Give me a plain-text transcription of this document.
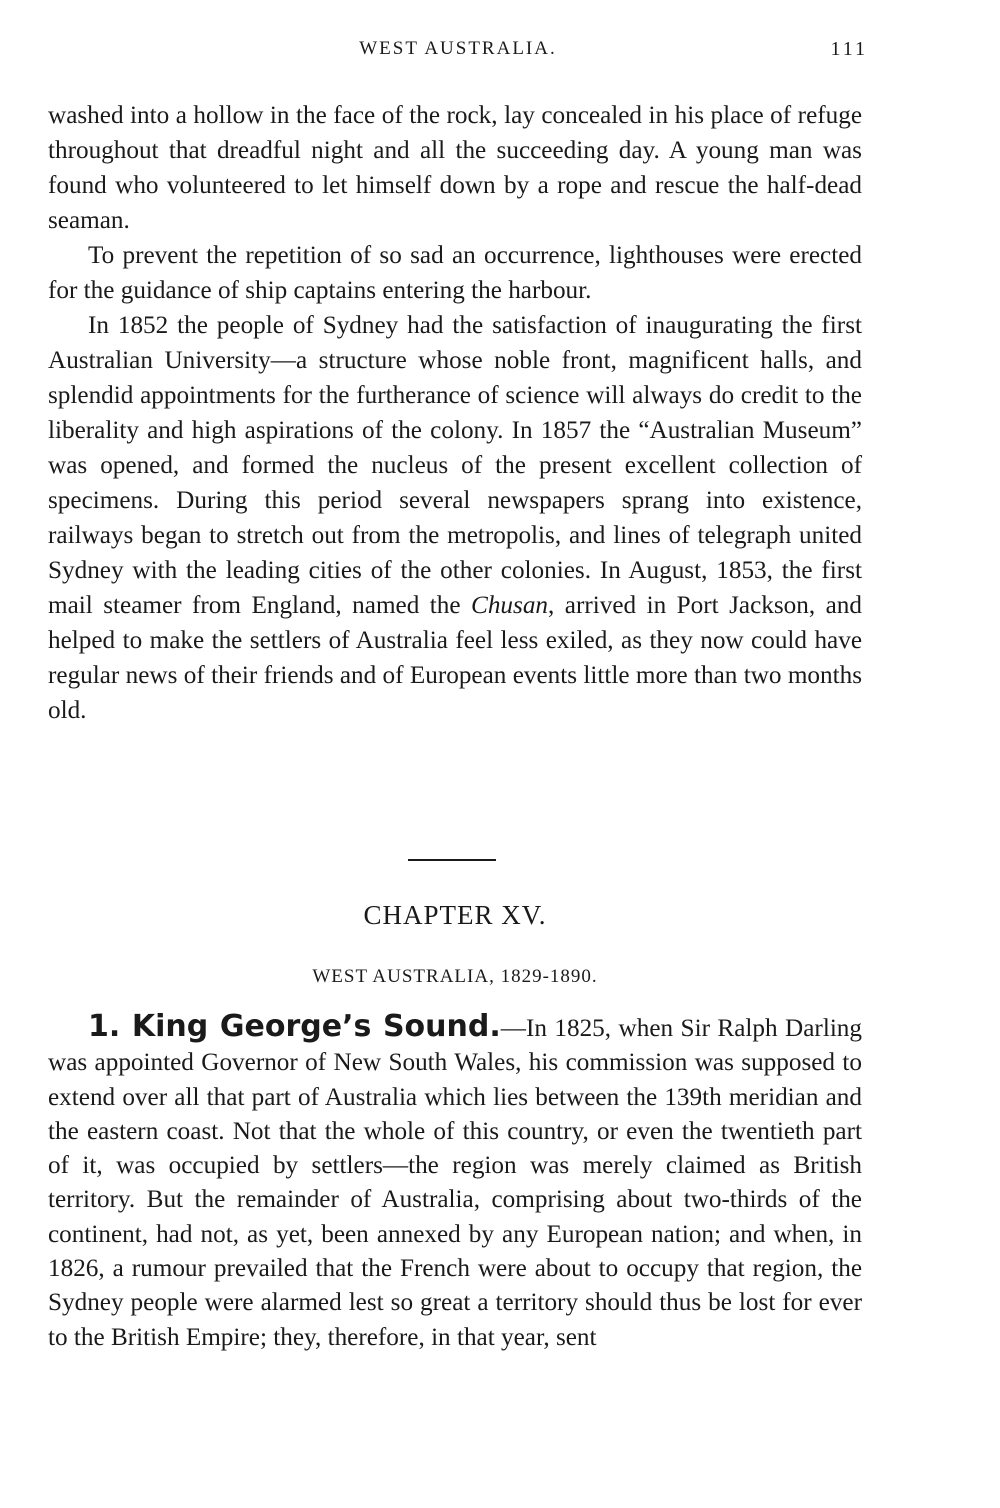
WEST AUSTRALIA.	111

washed into a hollow in the face of the rock, lay concealed in his place of refuge throughout that dreadful night and all the succeeding day. A young man was found who volunteered to let himself down by a rope and rescue the half-dead seaman.

To prevent the repetition of so sad an occurrence, lighthouses were erected for the guidance of ship captains entering the harbour.

In 1852 the people of Sydney had the satisfaction of inaugurating the first Australian University—a structure whose noble front, magnificent halls, and splendid appointments for the furtherance of science will always do credit to the liberality and high aspirations of the colony. In 1857 the “Australian Museum” was opened, and formed the nucleus of the present excellent collection of specimens. During this period several newspapers sprang into existence, railways began to stretch out from the metropolis, and lines of telegraph united Sydney with the leading cities of the other colonies. In August, 1853, the first mail steamer from England, named the Chusan, arrived in Port Jackson, and helped to make the settlers of Australia feel less exiled, as they now could have regular news of their friends and of European events little more than two months old.

CHAPTER XV.
WEST AUSTRALIA, 1829-1890.

1. King George’s Sound.—In 1825, when Sir Ralph Darling was appointed Governor of New South Wales, his commission was supposed to extend over all that part of Australia which lies between the 139th meridian and the eastern coast. Not that the whole of this country, or even the twentieth part of it, was occupied by settlers—the region was merely claimed as British territory. But the remainder of Australia, comprising about two-thirds of the continent, had not, as yet, been annexed by any European nation; and when, in 1826, a rumour prevailed that the French were about to occupy that region, the Sydney people were alarmed lest so great a territory should thus be lost for ever to the British Empire; they, therefore, in that year, sent
